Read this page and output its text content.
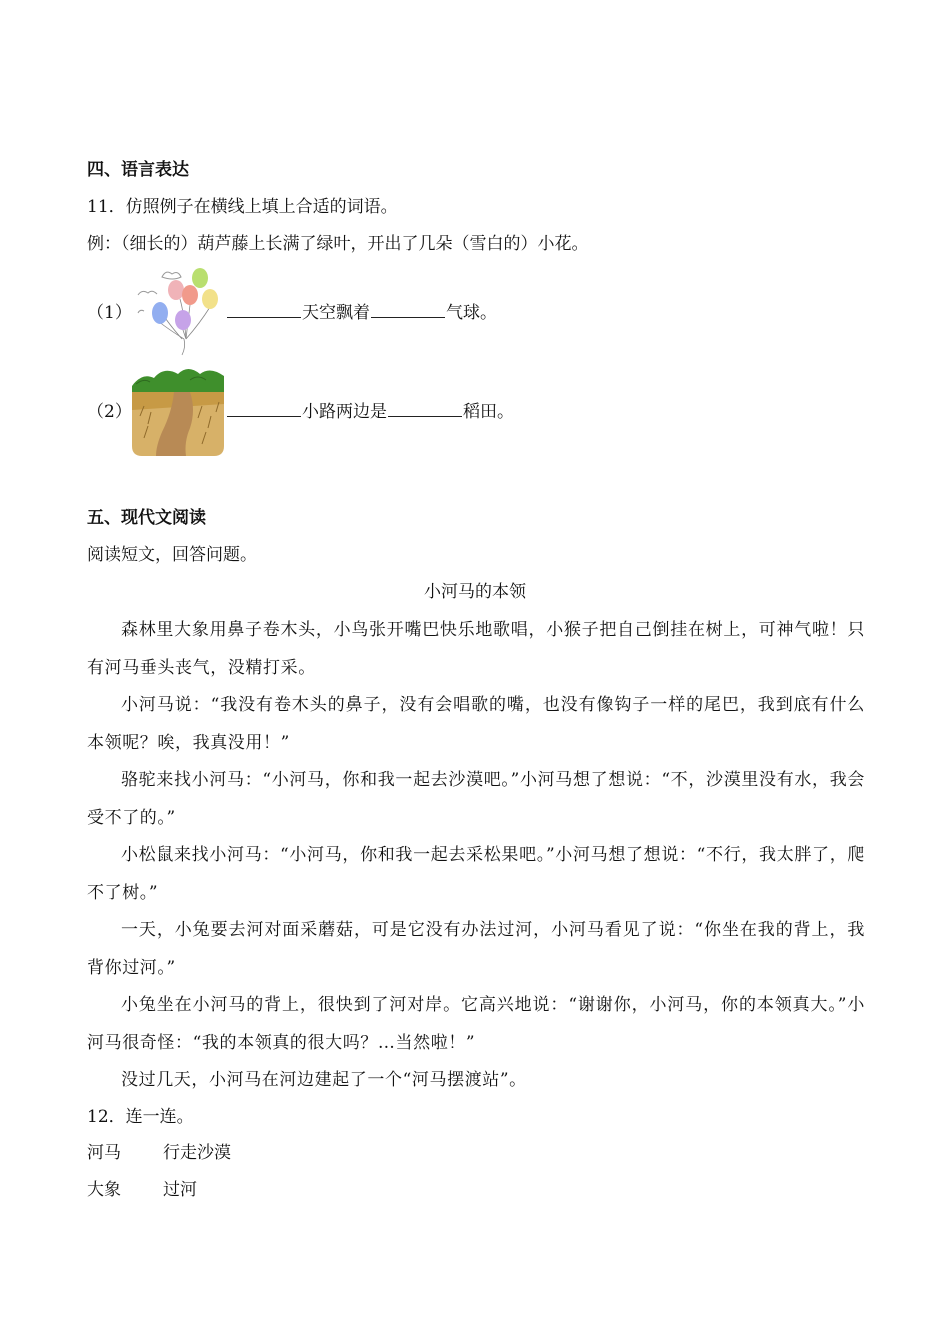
四、语言表达
11．仿照例子在横线上填上合适的词语。
例：（细长的）葫芦藤上长满了绿叶，开出了几朵（雪白的）小花。
（1）	天空飘着	气球。
（2）	小路两边是	稻田。
五、现代文阅读
阅读短文，回答问题。
小河马的本领
森林里大象用鼻子卷木头，小鸟张开嘴巴快乐地歌唱，小猴子把自己倒挂在树上，可神气啦！只有河马垂头丧气，没精打采。
小河马说：“我没有卷木头的鼻子，没有会唱歌的嘴，也没有像钩子一样的尾巴，我到底有什么本领呢？唉，我真没用！”
骆驼来找小河马：“小河马，你和我一起去沙漠吧。”小河马想了想说：“不，沙漠里没有水，我会受不了的。”
小松鼠来找小河马：“小河马，你和我一起去采松果吧。”小河马想了想说：“不行，我太胖了，爬不了树。”
一天，小兔要去河对面采蘑菇，可是它没有办法过河，小河马看见了说：“你坐在我的背上，我背你过河。”
小兔坐在小河马的背上，很快到了河对岸。它高兴地说：“谢谢你，小河马，你的本领真大。”小河马很奇怪：“我的本领真的很大吗？…当然啦！”
没过几天，小河马在河边建起了一个“河马摆渡站”。
12．连一连。
河马 行走沙漠
大象 过河
